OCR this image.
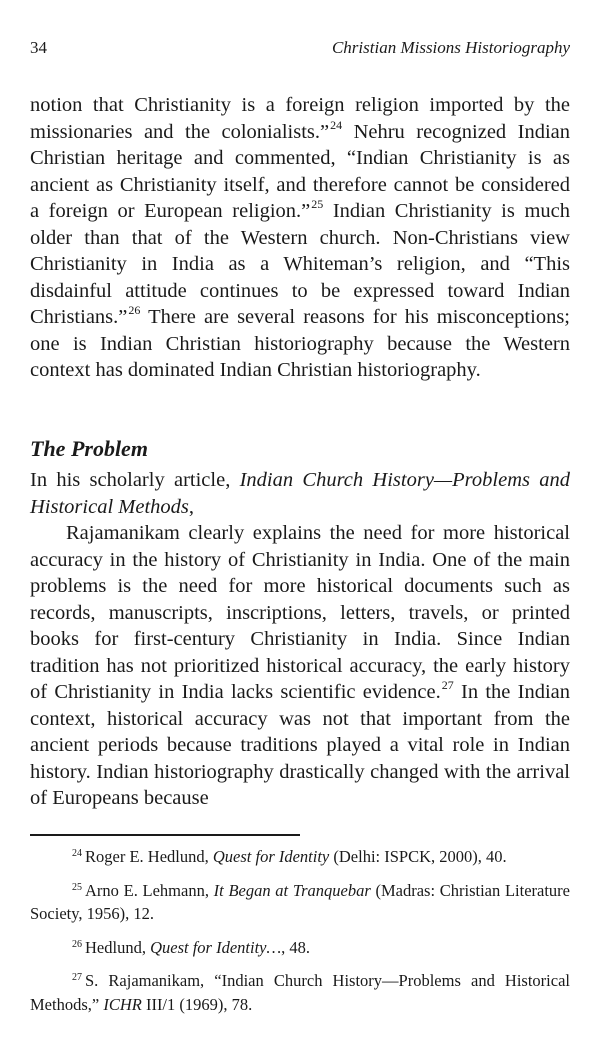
34	Christian Missions Historiography

notion that Christianity is a foreign religion imported by the missionaries and the colonialists.”$^{24}$ Nehru recognized Indian Christian heritage and commented, “Indian Christianity is as ancient as Christianity itself, and therefore cannot be considered a foreign or European religion.”$^{25}$ Indian Christianity is much older than that of the Western church. Non-Christians view Christianity in India as a Whiteman’s religion, and “This disdainful attitude continues to be expressed toward Indian Christians.”$^{26}$ There are several reasons for his misconceptions; one is Indian Christian historiography because the Western context has dominated Indian Christian historiography.

The Problem

In his scholarly article, Indian Church History—Problems and Historical Methods,

Rajamanikam clearly explains the need for more historical accuracy in the history of Christianity in India. One of the main problems is the need for more historical documents such as records, manuscripts, inscriptions, letters, travels, or printed books for first-century Christianity in India. Since Indian tradition has not prioritized historical accuracy, the early history of Christianity in India lacks scientific evidence.$^{27}$ In the Indian context, historical accuracy was not that important from the ancient periods because traditions played a vital role in Indian history. Indian historiography drastically changed with the arrival of Europeans because

$^{24}$ Roger E. Hedlund, Quest for Identity (Delhi: ISPCK, 2000), 40.
$^{25}$ Arno E. Lehmann, It Began at Tranquebar (Madras: Christian Literature Society, 1956), 12.
$^{26}$ Hedlund, Quest for Identity…, 48.
$^{27}$ S. Rajamanikam, “Indian Church History—Problems and Historical Methods,” ICHR III/1 (1969), 78.
